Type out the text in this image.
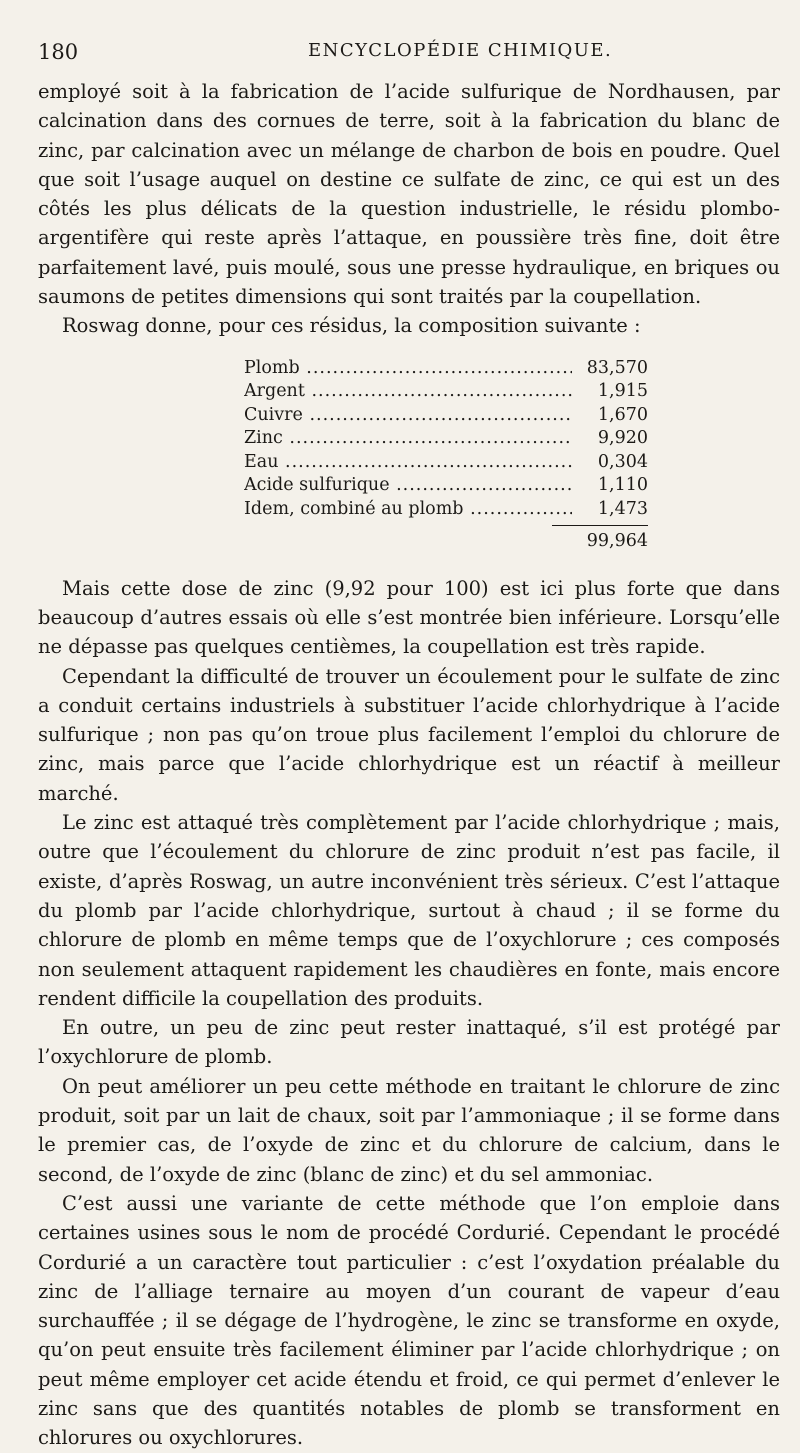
180	ENCYCLOPÉDIE CHIMIQUE.

employé soit à la fabrication de l’acide sulfurique de Nordhausen, par calcination dans des cornues de terre, soit à la fabrication du blanc de zinc, par calcination avec un mélange de charbon de bois en poudre. Quel que soit l’usage auquel on destine ce sulfate de zinc, ce qui est un des côtés les plus délicats de la question industrielle, le résidu plombo-argentifère qui reste après l’attaque, en poussière très fine, doit être parfaitement lavé, puis moulé, sous une presse hydraulique, en briques ou saumons de petites dimensions qui sont traités par la coupellation.

Roswag donne, pour ces résidus, la composition suivante :

Plomb .....	83,570
Argent .....	1,915
Cuivre .....	1,670
Zinc .....	9,920
Eau .....	0,304
Acide sulfurique .....	1,110
Idem, combiné au plomb .....	1,473
99,964

Mais cette dose de zinc (9,92 pour 100) est ici plus forte que dans beaucoup d’autres essais où elle s’est montrée bien inférieure. Lorsqu’elle ne dépasse pas quelques centièmes, la coupellation est très rapide.

Cependant la difficulté de trouver un écoulement pour le sulfate de zinc a conduit certains industriels à substituer l’acide chlorhydrique à l’acide sulfurique ; non pas qu’on troue plus facilement l’emploi du chlorure de zinc, mais parce que l’acide chlorhydrique est un réactif à meilleur marché.

Le zinc est attaqué très complètement par l’acide chlorhydrique ; mais, outre que l’écoulement du chlorure de zinc produit n’est pas facile, il existe, d’après Roswag, un autre inconvénient très sérieux. C’est l’attaque du plomb par l’acide chlorhydrique, surtout à chaud ; il se forme du chlorure de plomb en même temps que de l’oxychlorure ; ces composés non seulement attaquent rapidement les chaudières en fonte, mais encore rendent difficile la coupellation des produits.

En outre, un peu de zinc peut rester inattaqué, s’il est protégé par l’oxychlorure de plomb.

On peut améliorer un peu cette méthode en traitant le chlorure de zinc produit, soit par un lait de chaux, soit par l’ammoniaque ; il se forme dans le premier cas, de l’oxyde de zinc et du chlorure de calcium, dans le second, de l’oxyde de zinc (blanc de zinc) et du sel ammoniac.

C’est aussi une variante de cette méthode que l’on emploie dans certaines usines sous le nom de procédé Cordurié. Cependant le procédé Cordurié a un caractère tout particulier : c’est l’oxydation préalable du zinc de l’alliage ternaire au moyen d’un courant de vapeur d’eau surchauffée ; il se dégage de l’hydrogène, le zinc se transforme en oxyde, qu’on peut ensuite très facilement éliminer par l’acide chlorhydrique ; on peut même employer cet acide étendu et froid, ce qui permet d’enlever le zinc sans que des quantités notables de plomb se transforment en chlorures ou oxychlorures.
